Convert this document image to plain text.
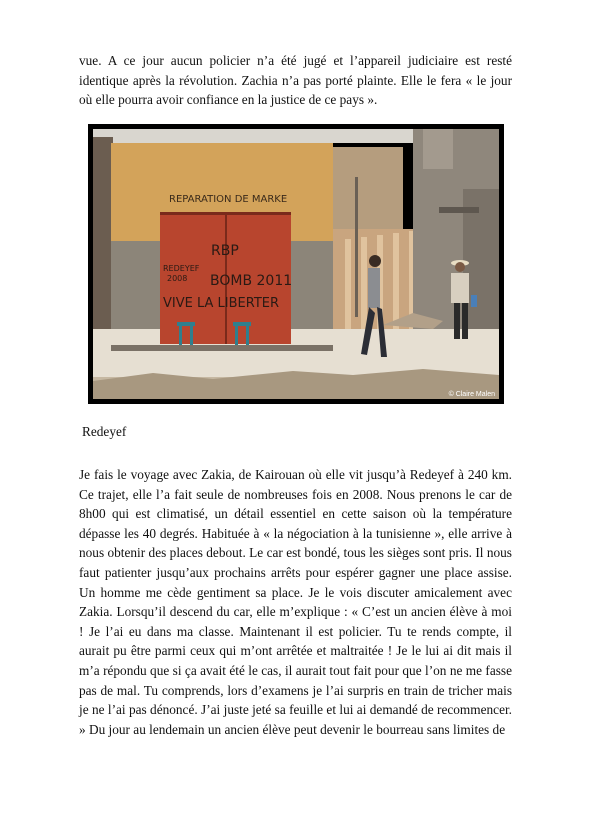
vue. A ce jour aucun policier n’a été jugé et l’appareil judiciaire est resté identique après la révolution. Zachia n’a pas porté plainte. Elle le fera « le jour où elle pourra avoir confiance en la justice de ce pays ».

REPARATION DE MARKE
RBP
REDEYEF
2008 BOMB 2011
VIVE LA LIBERTER
© Claire Malen
Redeyef

Je fais le voyage avec Zakia, de Kairouan où elle vit jusqu’à Redeyef à 240 km. Ce trajet, elle l’a fait seule de nombreuses fois en 2008. Nous prenons le car de 8h00 qui est climatisé, un détail essentiel en cette saison où la température dépasse les 40 degrés. Habituée à « la négociation à la tunisienne », elle arrive à nous obtenir des places debout. Le car est bondé, tous les sièges sont pris. Il nous faut patienter jusqu’aux prochains arrêts pour espérer gagner une place assise. Un homme me cède gentiment sa place. Je le vois discuter amicalement avec Zakia. Lorsqu’il descend du car, elle m’explique : « C’est un ancien élève à moi ! Je l’ai eu dans ma classe. Maintenant il est policier. Tu te rends compte, il aurait pu être parmi ceux qui m’ont arrêtée et maltraitée ! Je le lui ai dit mais il m’a répondu que si ça avait été le cas, il aurait tout fait pour que l’on ne me fasse pas de mal. Tu comprends, lors d’examens je l’ai surpris en train de tricher mais je ne l’ai pas dénoncé. J’ai juste jeté sa feuille et lui ai demandé de recommencer. » Du jour au lendemain un ancien élève peut devenir le bourreau sans limites de
